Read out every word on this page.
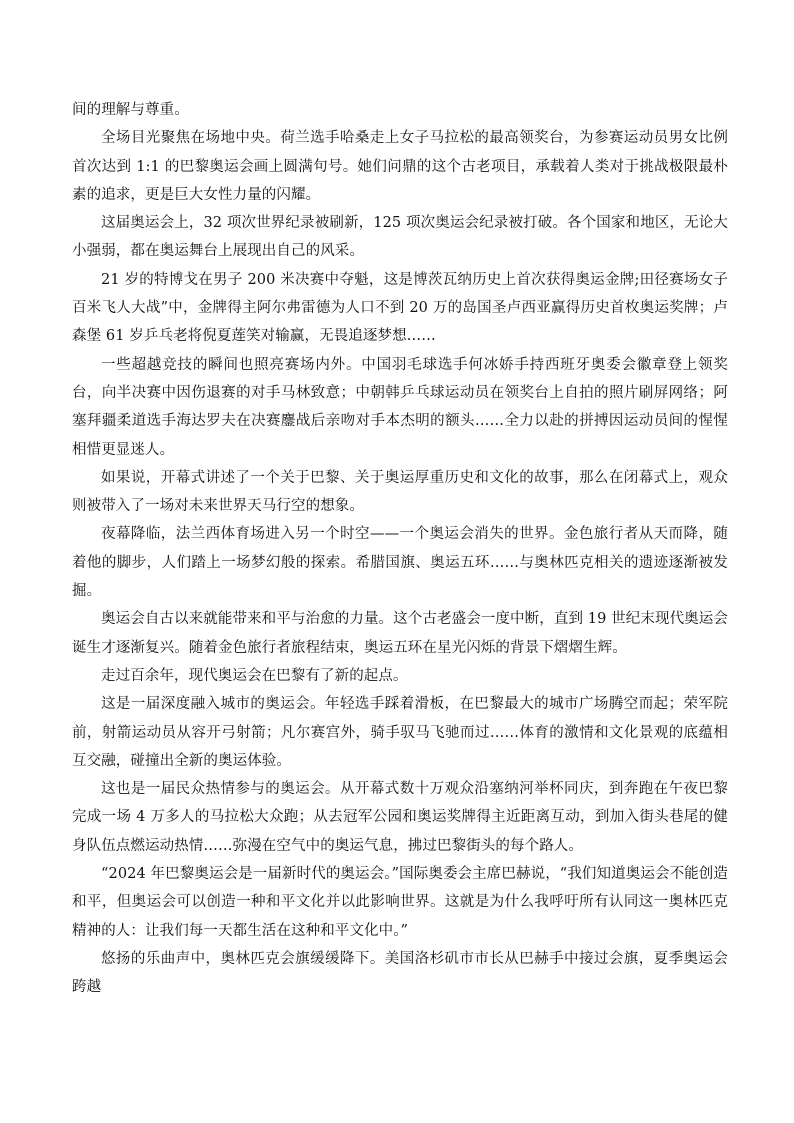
间的理解与尊重。

全场目光聚焦在场地中央。荷兰选手哈桑走上女子马拉松的最高领奖台，为参赛运动员男女比例首次达到 1:1 的巴黎奥运会画上圆满句号。她们问鼎的这个古老项目，承载着人类对于挑战极限最朴素的追求，更是巨大女性力量的闪耀。

这届奥运会上，32 项次世界纪录被刷新，125 项次奥运会纪录被打破。各个国家和地区，无论大小强弱，都在奥运舞台上展现出自己的风采。

21 岁的特博戈在男子 200 米决赛中夺魁，这是博茨瓦纳历史上首次获得奥运金牌;田径赛场女子百米飞人大战”中，金牌得主阿尔弗雷德为人口不到 20 万的岛国圣卢西亚赢得历史首枚奥运奖牌；卢森堡 61 岁乒乓老将倪夏莲笑对输赢，无畏追逐梦想……

一些超越竞技的瞬间也照亮赛场内外。中国羽毛球选手何冰娇手持西班牙奥委会徽章登上领奖台，向半决赛中因伤退赛的对手马林致意；中朝韩乒乓球运动员在领奖台上自拍的照片刷屏网络；阿塞拜疆柔道选手海达罗夫在决赛鏖战后亲吻对手本杰明的额头……全力以赴的拼搏因运动员间的惺惺相惜更显迷人。

如果说，开幕式讲述了一个关于巴黎、关于奥运厚重历史和文化的故事，那么在闭幕式上，观众则被带入了一场对未来世界天马行空的想象。

夜幕降临，法兰西体育场进入另一个时空——一个奥运会消失的世界。金色旅行者从天而降，随着他的脚步，人们踏上一场梦幻般的探索。希腊国旗、奥运五环……与奥林匹克相关的遗迹逐渐被发掘。

奥运会自古以来就能带来和平与治愈的力量。这个古老盛会一度中断，直到 19 世纪末现代奥运会诞生才逐渐复兴。随着金色旅行者旅程结束，奥运五环在星光闪烁的背景下熠熠生辉。

走过百余年，现代奥运会在巴黎有了新的起点。

这是一届深度融入城市的奥运会。年轻选手踩着滑板，在巴黎最大的城市广场腾空而起；荣军院前，射箭运动员从容开弓射箭；凡尔赛宫外，骑手驭马飞驰而过……体育的激情和文化景观的底蕴相互交融，碰撞出全新的奥运体验。

这也是一届民众热情参与的奥运会。从开幕式数十万观众沿塞纳河举杯同庆，到奔跑在午夜巴黎完成一场 4 万多人的马拉松大众跑；从去冠军公园和奥运奖牌得主近距离互动，到加入街头巷尾的健身队伍点燃运动热情……弥漫在空气中的奥运气息，拂过巴黎街头的每个路人。

“2024 年巴黎奥运会是一届新时代的奥运会。”国际奥委会主席巴赫说，“我们知道奥运会不能创造和平，但奥运会可以创造一种和平文化并以此影响世界。这就是为什么我呼吁所有认同这一奥林匹克精神的人：让我们每一天都生活在这种和平文化中。”

悠扬的乐曲声中，奥林匹克会旗缓缓降下。美国洛杉矶市市长从巴赫手中接过会旗，夏季奥运会跨越
